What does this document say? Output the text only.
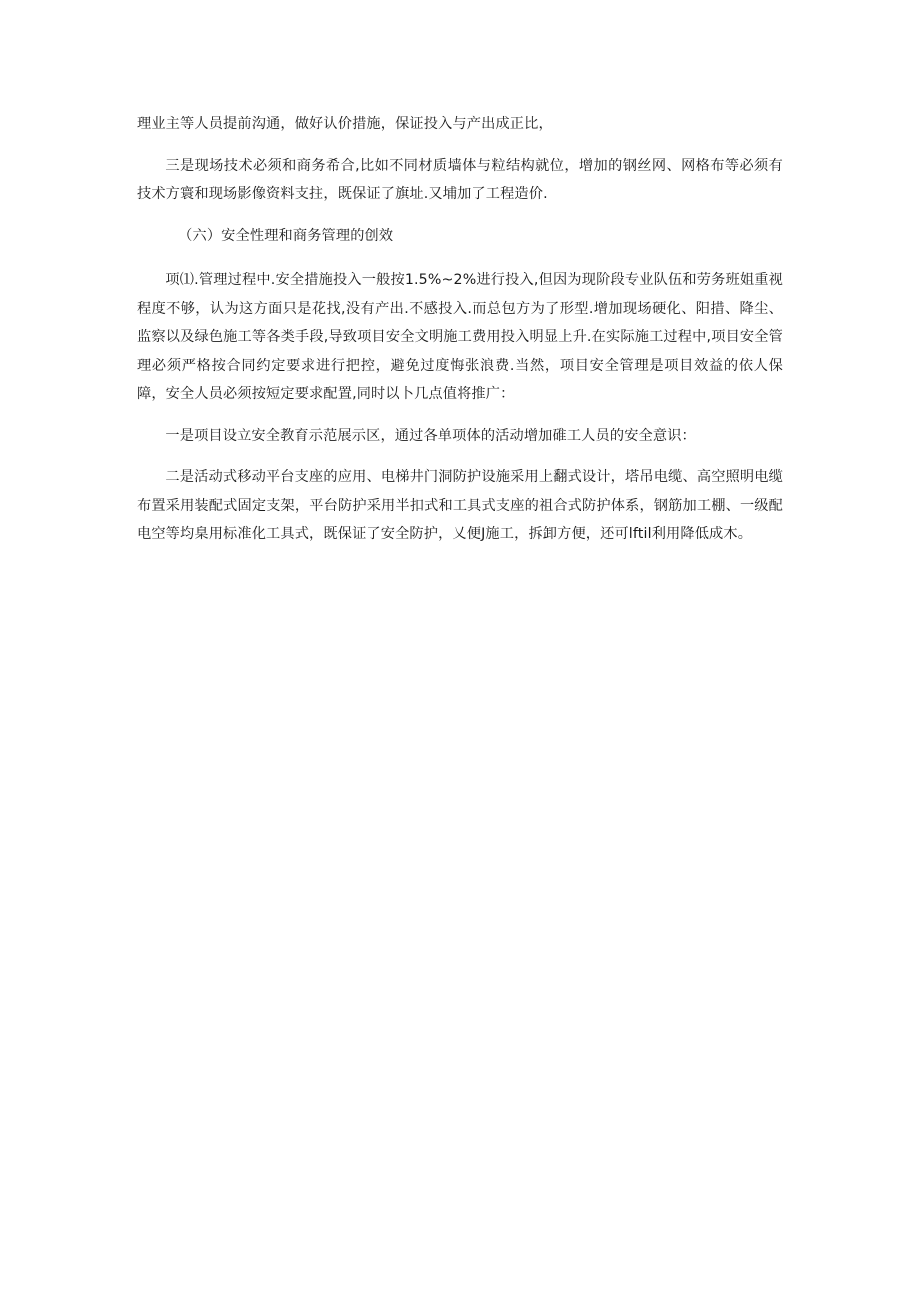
理业主等人员提前沟通，做好认价措施，保证投入与产出成正比，

三是现场技术必须和商务希合,比如不同材质墙体与粒结构就位，增加的钢丝网、网格布等必须有技术方寰和现场影像资料支拄，既保证了旗址.又埔加了工程造价.

（六）安全性理和商务管理的创效

项⑴.管理过程中.安全措施投入一般按1.5%~2%进行投入,但因为现阶段专业队伍和劳务班姐重视程度不够，认为这方面只是花找,没有产出.不感投入.而总包方为了形型.增加现场硬化、阳措、降尘、监察以及绿色施工等各类手段,导致项目安全文明施工费用投入明显上升.在实际施工过程中,项目安全管理必须严格按合同约定要求进行把控，避免过度悔张浪费.当然，项目安全管理是项目效益的依人保障，安全人员必须按短定要求配置,同时以卜几点值将推广：

一是项目设立安全教育示范展示区，通过各单项体的活动增加碓工人员的安全意识：

二是活动式移动平台支座的应用、电梯井门洞防护设施采用上翻式设计，塔吊电缆、高空照明电缆布置采用装配式固定支架，平台防护采用半扣式和工具式支座的祖合式防护体系，钢筋加工棚、一级配电空等均臬用标准化工具式，既保证了安全防护，乂便J施工，拆卸方便，还可lftil利用降低成木。
